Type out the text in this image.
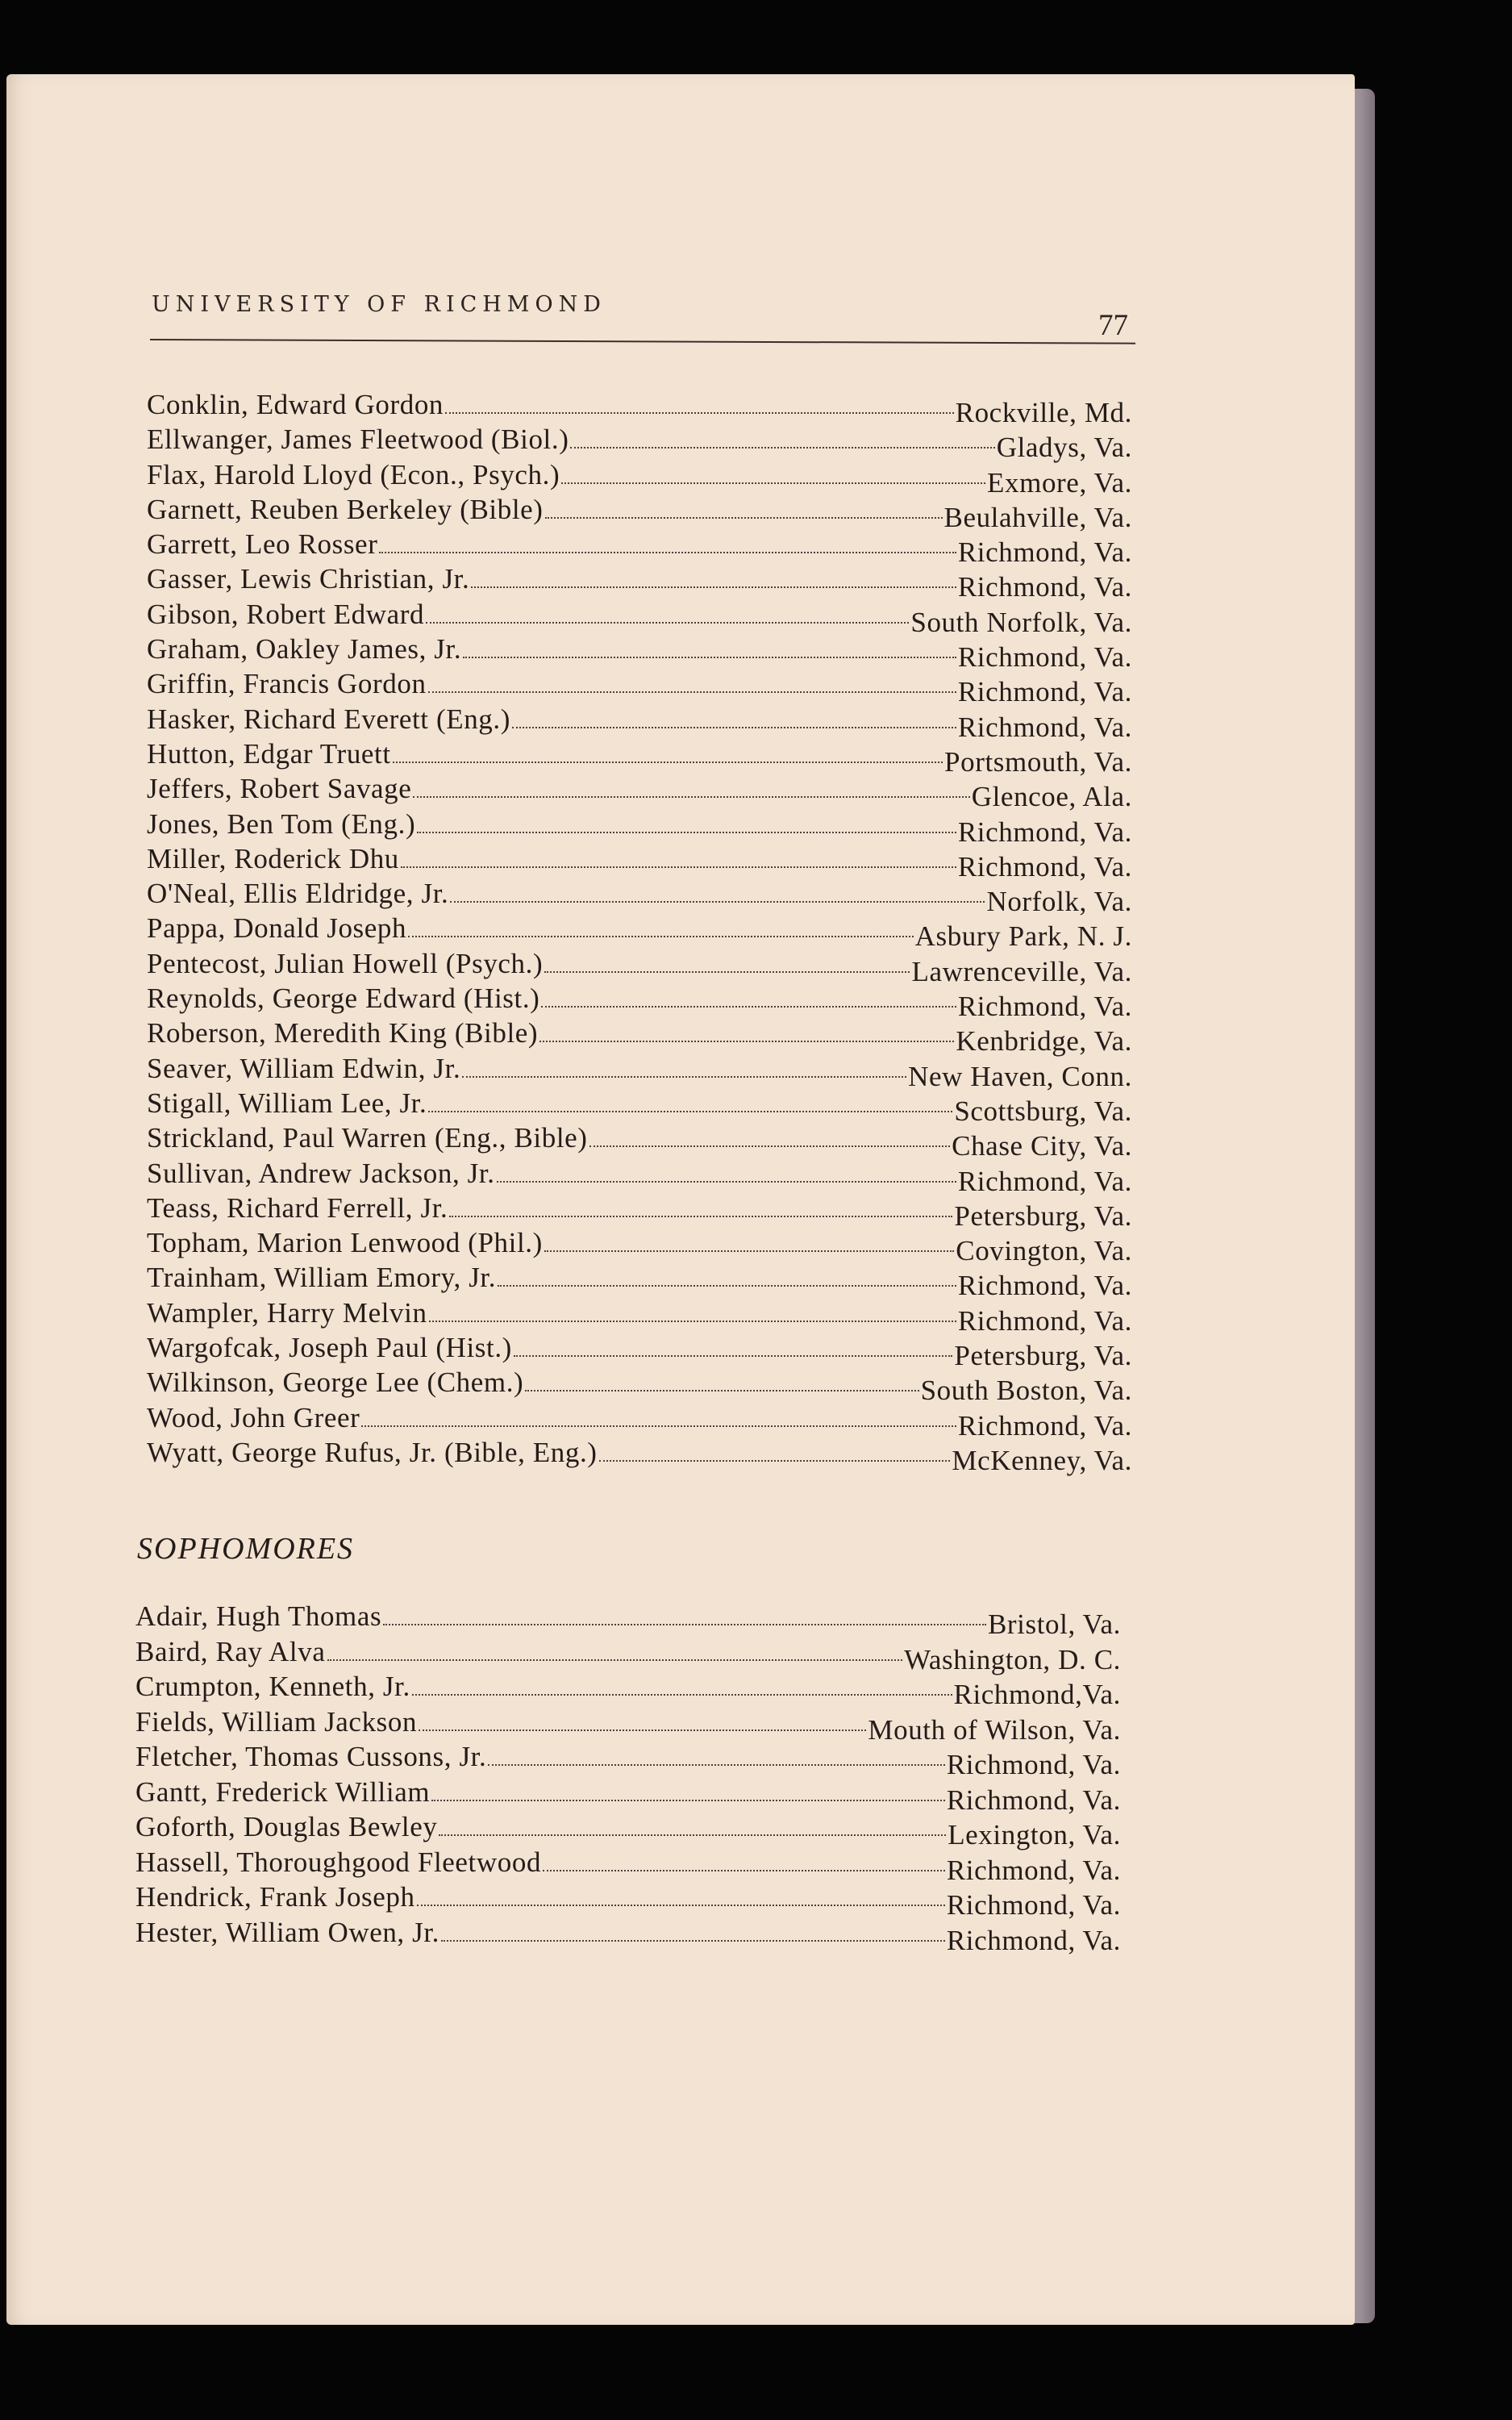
UNIVERSITY OF RICHMOND
77
Conklin, Edward Gordon	Rockville, Md.
Ellwanger, James Fleetwood (Biol.)	Gladys, Va.
Flax, Harold Lloyd (Econ., Psych.)	Exmore, Va.
Garnett, Reuben Berkeley (Bible)	Beulahville, Va.
Garrett, Leo Rosser	Richmond, Va.
Gasser, Lewis Christian, Jr.	Richmond, Va.
Gibson, Robert Edward	South Norfolk, Va.
Graham, Oakley James, Jr.	Richmond, Va.
Griffin, Francis Gordon	Richmond, Va.
Hasker, Richard Everett (Eng.)	Richmond, Va.
Hutton, Edgar Truett	Portsmouth, Va.
Jeffers, Robert Savage	Glencoe, Ala.
Jones, Ben Tom (Eng.)	Richmond, Va.
Miller, Roderick Dhu	Richmond, Va.
O'Neal, Ellis Eldridge, Jr.	Norfolk, Va.
Pappa, Donald Joseph	Asbury Park, N. J.
Pentecost, Julian Howell (Psych.)	Lawrenceville, Va.
Reynolds, George Edward (Hist.)	Richmond, Va.
Roberson, Meredith King (Bible)	Kenbridge, Va.
Seaver, William Edwin, Jr.	New Haven, Conn.
Stigall, William Lee, Jr.	Scottsburg, Va.
Strickland, Paul Warren (Eng., Bible)	Chase City, Va.
Sullivan, Andrew Jackson, Jr.	Richmond, Va.
Teass, Richard Ferrell, Jr.	Petersburg, Va.
Topham, Marion Lenwood (Phil.)	Covington, Va.
Trainham, William Emory, Jr.	Richmond, Va.
Wampler, Harry Melvin	Richmond, Va.
Wargofcak, Joseph Paul (Hist.)	Petersburg, Va.
Wilkinson, George Lee (Chem.)	South Boston, Va.
Wood, John Greer	Richmond, Va.
Wyatt, George Rufus, Jr. (Bible, Eng.)	McKenney, Va.
SOPHOMORES
Adair, Hugh Thomas	Bristol, Va.
Baird, Ray Alva	Washington, D. C.
Crumpton, Kenneth, Jr.	Richmond,Va.
Fields, William Jackson	Mouth of Wilson, Va.
Fletcher, Thomas Cussons, Jr.	Richmond, Va.
Gantt, Frederick William	Richmond, Va.
Goforth, Douglas Bewley	Lexington, Va.
Hassell, Thoroughgood Fleetwood	Richmond, Va.
Hendrick, Frank Joseph	Richmond, Va.
Hester, William Owen, Jr.	Richmond, Va.
